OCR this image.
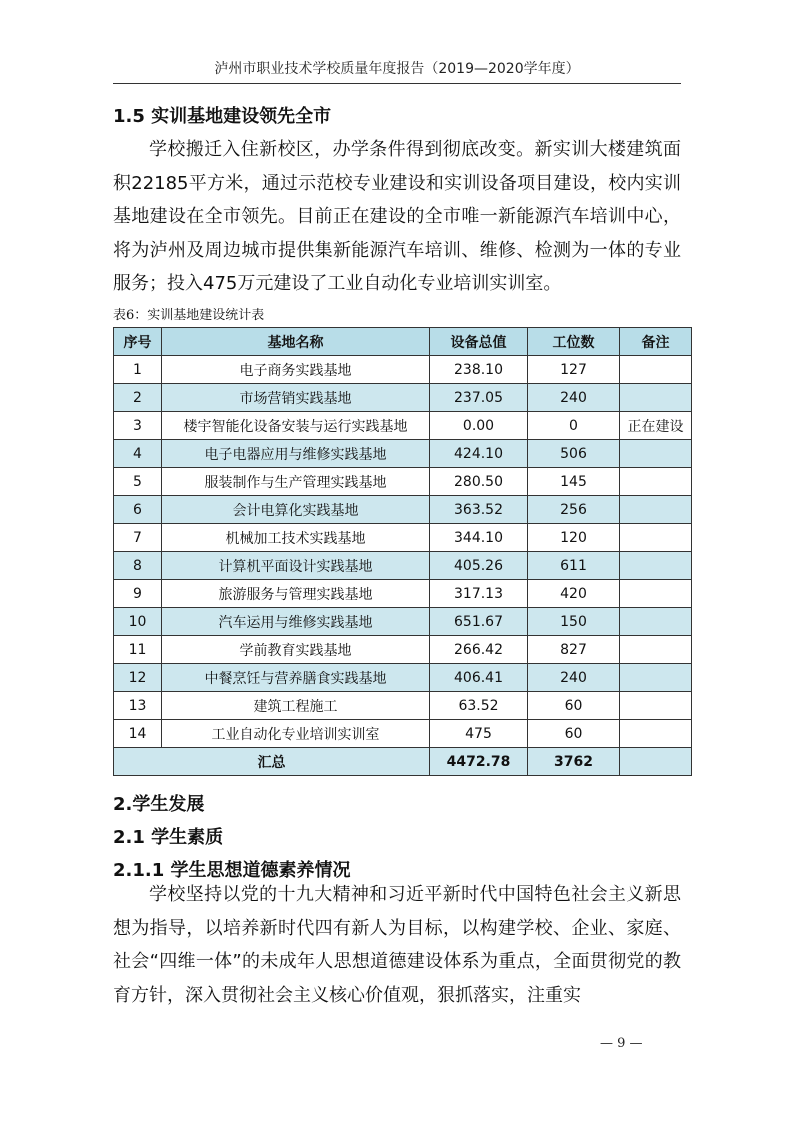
泸州市职业技术学校质量年度报告（2019—2020学年度）
1.5 实训基地建设领先全市
学校搬迁入住新校区，办学条件得到彻底改变。新实训大楼建筑面积22185平方米，通过示范校专业建设和实训设备项目建设，校内实训基地建设在全市领先。目前正在建设的全市唯一新能源汽车培训中心，将为泸州及周边城市提供集新能源汽车培训、维修、检测为一体的专业服务；投入475万元建设了工业自动化专业培训实训室。
表6：实训基地建设统计表
序号	基地名称	设备总值	工位数	备注
1	电子商务实践基地	238.10	127	
2	市场营销实践基地	237.05	240	
3	楼宇智能化设备安装与运行实践基地	0.00	0	正在建设
4	电子电器应用与维修实践基地	424.10	506	
5	服装制作与生产管理实践基地	280.50	145	
6	会计电算化实践基地	363.52	256	
7	机械加工技术实践基地	344.10	120	
8	计算机平面设计实践基地	405.26	611	
9	旅游服务与管理实践基地	317.13	420	
10	汽车运用与维修实践基地	651.67	150	
11	学前教育实践基地	266.42	827	
12	中餐烹饪与营养膳食实践基地	406.41	240	
13	建筑工程施工	63.52	60	
14	工业自动化专业培训实训室	475	60	
汇总		4472.78	3762	
2.学生发展
2.1 学生素质
2.1.1 学生思想道德素养情况
学校坚持以党的十九大精神和习近平新时代中国特色社会主义新思想为指导，以培养新时代四有新人为目标，以构建学校、企业、家庭、社会“四维一体”的未成年人思想道德建设体系为重点，全面贯彻党的教育方针，深入贯彻社会主义核心价值观，狠抓落实，注重实
— 9 —
